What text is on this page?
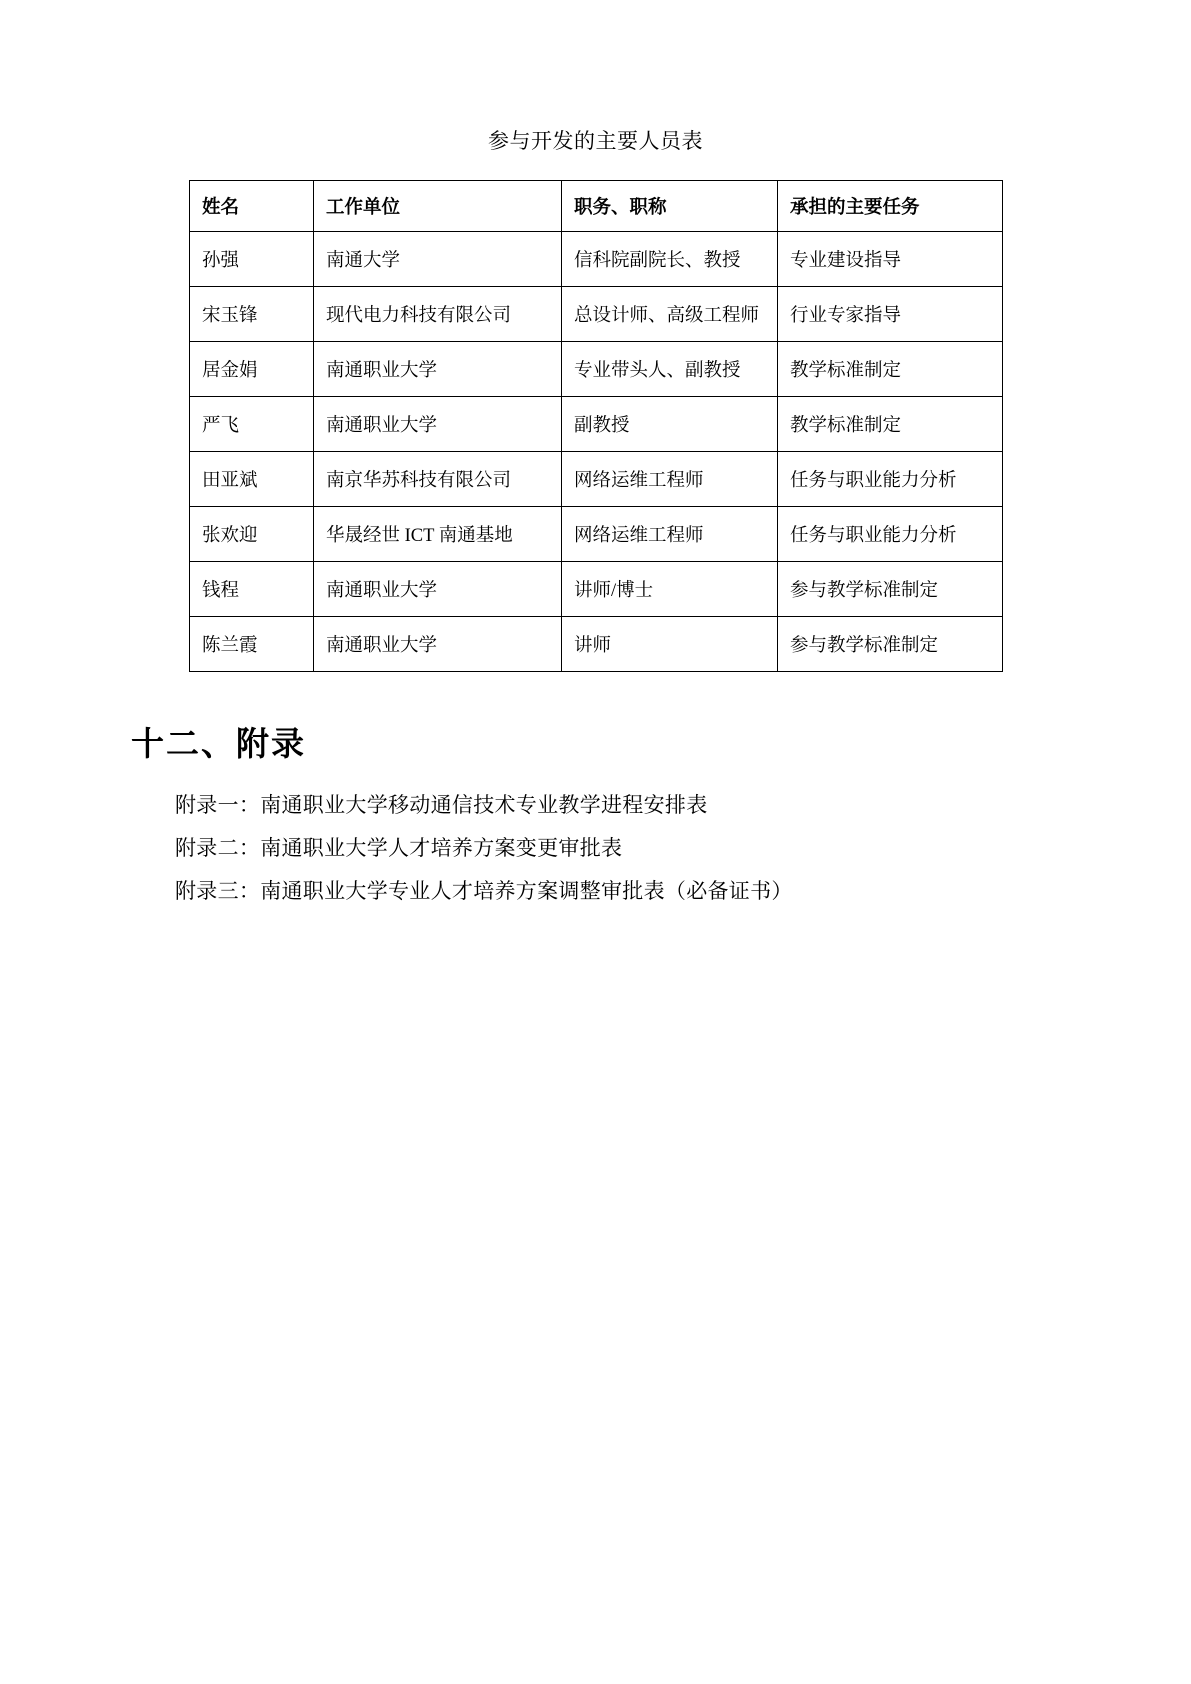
参与开发的主要人员表
姓名	工作单位	职务、职称	承担的主要任务
孙强	南通大学	信科院副院长、教授	专业建设指导
宋玉锋	现代电力科技有限公司	总设计师、高级工程师	行业专家指导
居金娟	南通职业大学	专业带头人、副教授	教学标准制定
严飞	南通职业大学	副教授	教学标准制定
田亚斌	南京华苏科技有限公司	网络运维工程师	任务与职业能力分析
张欢迎	华晟经世 ICT 南通基地	网络运维工程师	任务与职业能力分析
钱程	南通职业大学	讲师/博士	参与教学标准制定
陈兰霞	南通职业大学	讲师	参与教学标准制定
十二、附录
附录一：南通职业大学移动通信技术专业教学进程安排表
附录二：南通职业大学人才培养方案变更审批表
附录三：南通职业大学专业人才培养方案调整审批表（必备证书）
